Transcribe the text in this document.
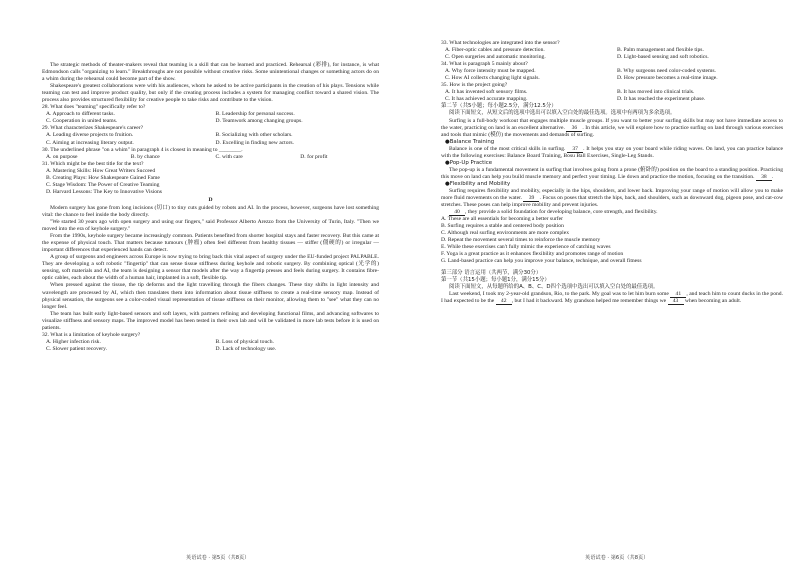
The strategic methods of theater-makers reveal that teaming is a skill that can be learned and practiced. Rehearsal (彩排), for instance, is what Edmondson calls "organizing to learn." Breakthroughs are not possible without creative risks. Some unintentional changes or something actors do on a whim during the rehearsal could become part of the show.

Shakespeare's greatest collaborations were with his audiences, whom he asked to be active participants in the creation of his plays. Tensions while teaming can test and improve product quality, but only if the creating process includes a system for managing conflict toward a shared vision. The process also provides structured flexibility for creative people to take risks and contribute to the vision.

28. What does "teaming" specifically refer to?
A. Approach to different tasks.	B. Leadership for personal success.
C. Cooperation in united teams.	D. Teamwork among changing groups.
29. What characterizes Shakespeare's career?
A. Leading diverse projects to fruition.	B. Socializing with other scholars.
C. Aiming at increasing literary output.	D. Excelling in finding new actors.
30. The underlined phrase "on a whim" in paragraph 4 is closest in meaning to ________.
A. on purpose	B. by chance	C. with care	D. for profit
31. Which might be the best title for the text?
A. Mastering Skills: How Great Writers Succeed
B. Creating Plays: How Shakespeare Gained Fame
C. Stage Wisdom: The Power of Creative Teaming
D. Harvard Lessons: The Key to Innovative Visions
D

Modern surgery has gone from long incisions (切口) to tiny cuts guided by robots and AI. In the process, however, surgeons have lost something vital: the chance to feel inside the body directly.

"We started 30 years ago with open surgery and using our fingers," said Professor Alberto Arezzo from the University of Turin, Italy. "Then we moved into the era of keyhole surgery."

From the 1990s, keyhole surgery became increasingly common. Patients benefited from shorter hospital stays and faster recovery. But this came at the expense of physical touch. That matters because tumours (肿瘤) often feel different from healthy tissues — stiffer (僵硬的) or irregular — important differences that experienced hands can detect.

A group of surgeons and engineers across Europe is now trying to bring back this vital aspect of surgery under the EU-funded project PALPABLE. They are developing a soft robotic "fingertip" that can sense tissue stiffness during keyhole and robotic surgery. By combining optical (光学的) sensing, soft materials and AI, the team is designing a sensor that models after the way a fingertip presses and feels during surgery. It contains fibre-optic cables, each about the width of a human hair, implanted in a soft, flexible tip.

When pressed against the tissue, the tip deforms and the light travelling through the fibers changes. These tiny shifts in light intensity and wavelength are processed by AI, which then translates them into information about tissue stiffness to create a real-time sensory map. Instead of physical sensation, the surgeons see a color-coded visual representation of tissue stiffness on their monitor, allowing them to "see" what they can no longer feel.

The team has built early light-based sensors and soft layers, with partners refining and developing functional films, and advancing softwares to visualize stiffness and sensory maps. The improved model has been tested in their own lab and will be validated in more lab tests before it is used on patients.

32. What is a limitation of keyhole surgery?
A. Higher infection risk.	B. Loss of physical touch.
C. Slower patient recovery.	D. Lack of technology use.
33. What technologies are integrated into the sensor?
A. Fiber-optic cables and pressure detection.	B. Palm management and flexible tips.
C. Open surgeries and automatic monitoring.	D. Light-based sensing and soft robotics.
34. What is paragraph 5 mainly about?
A. Why force intensity must be mapped.	B. Why surgeons need color-coded systems.
C. How AI collects changing light signals.	D. How pressure becomes a real-time image.
35. How is the project going?
A. It has invented soft sensory films.	B. It has moved into clinical trials.
C. It has achieved accurate mapping.	D. It has reached the experiment phase.
第二节（共5小题；每小题2.5分，满分12.5分）

阅读下面短文，从短文后的选项中选出可以填入空白处的最佳选项。选项中有两项为多余选项。

Surfing is a full-body workout that engages multiple muscle groups. If you want to better your surfing skills but may not have immediate access to the water, practicing on land is an excellent alternative. 36 . In this article, we will explore how to practice surfing on land through various exercises and tools that mimic (模仿) the movements and demands of surfing.

●Balance Training

Balance is one of the most critical skills in surfing. 37 . It helps you stay on your board while riding waves. On land, you can practice balance with the following exercises: Balance Board Training, Bosu Ball Exercises, Single-Leg Stands.

●Pop-Up Practice

The pop-up is a fundamental movement in surfing that involves going from a prone (俯卧的) position on the board to a standing position. Practicing this move on land can help you build muscle memory and perfect your timing. Lie down and practice the motion, focusing on the transition. 38 .

●Flexibility and Mobility

Surfing requires flexibility and mobility, especially in the hips, shoulders, and lower back. Improving your range of motion will allow you to make more fluid movements on the water. 39 . Focus on poses that stretch the hips, back, and shoulders, such as downward dog, pigeon pose, and cat-cow stretches. These poses can help improve mobility and prevent injuries.

40 , they provide a solid foundation for developing balance, core strength, and flexibility.

A. These are all essentials for becoming a better surfer
B. Surfing requires a stable and centered body position
C. Although real surfing environments are more complex
D. Repeat the movement several times to reinforce the muscle memory
E. While these exercises can't fully mimic the experience of catching waves
F. Yoga is a great practice as it enhances flexibility and promotes range of motion
G. Land-based practice can help you improve your balance, technique, and overall fitness
第三部分 语言运用（共两节，满分30分）
第一节（共15小题；每小题1分，满分15分）

阅读下面短文，从每题所给的A、B、C、D四个选项中选出可以填入空白处的最佳选项。

Last weekend, I took my 2-year-old grandson, Rio, to the park. My goal was to let him burn some 41 , and teach him to count ducks in the pond. I had expected to be the 42 , but I had it backward. My grandson helped me remember things we 43 when becoming an adult.

英语试卷 · 第5页（共8页）	英语试卷 · 第6页（共8页）
